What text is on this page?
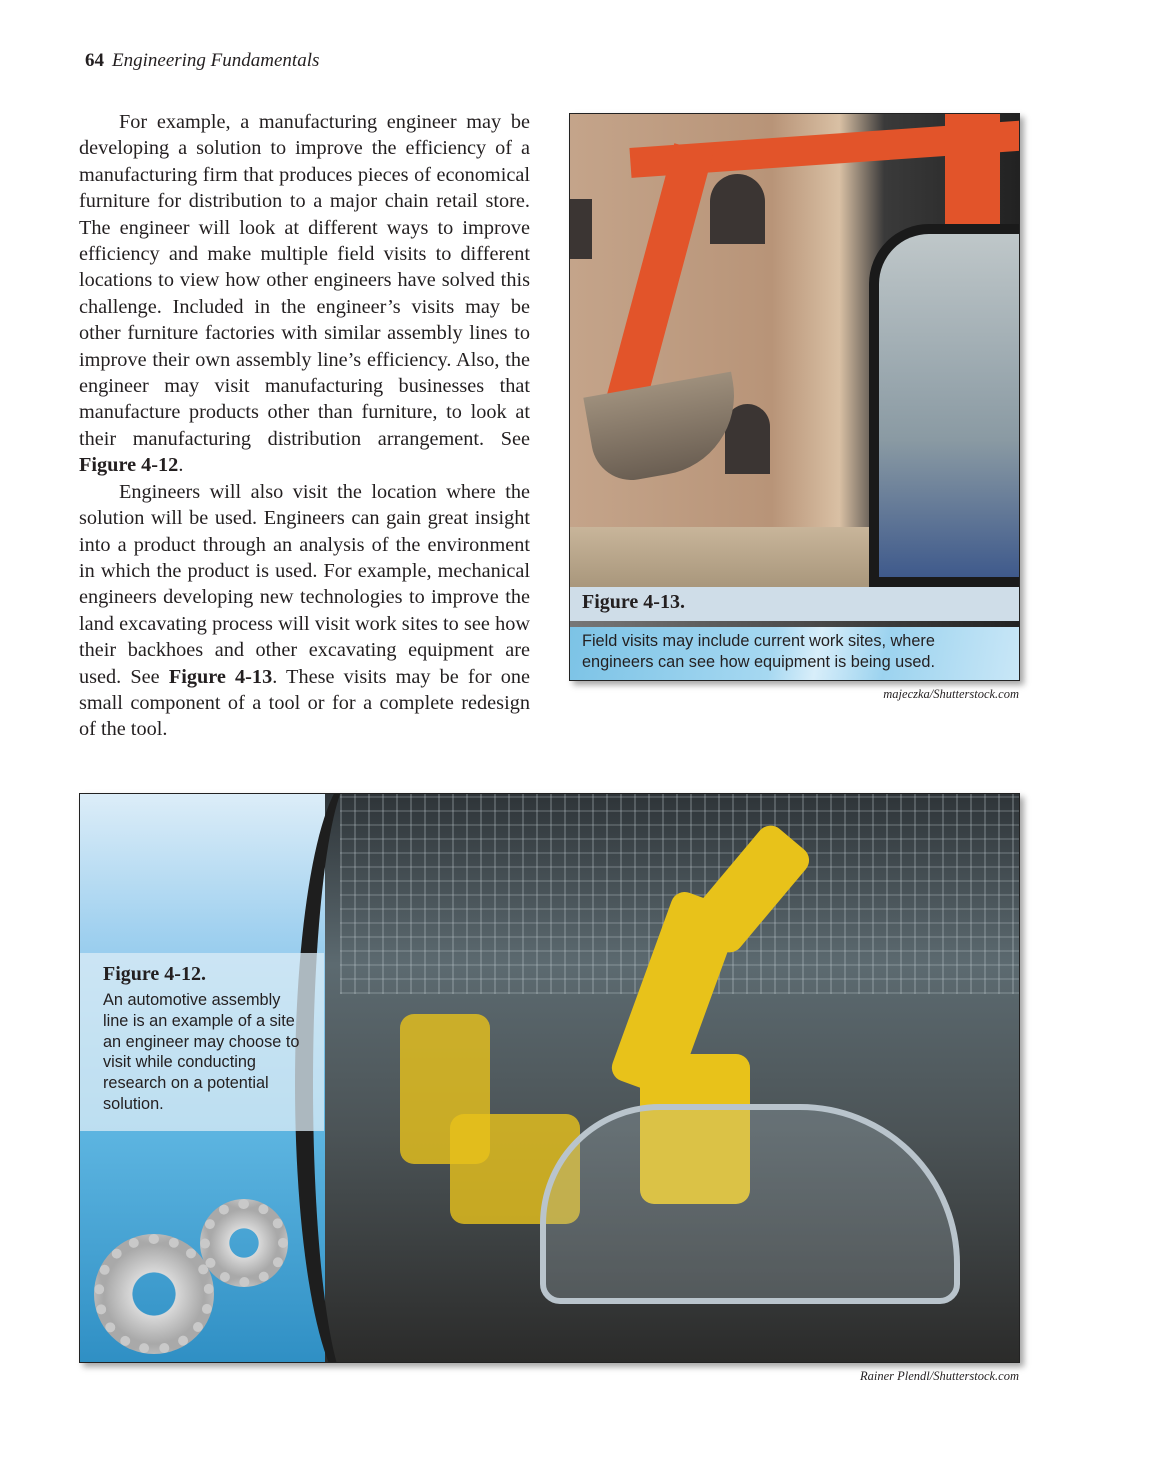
64 Engineering Fundamentals

For example, a manufacturing engineer may be developing a solution to improve the efficiency of a manufacturing firm that produces pieces of economical furniture for distribution to a major chain retail store. The engineer will look at different ways to improve efficiency and make multiple field visits to different locations to view how other engineers have solved this challenge. Included in the engineer’s visits may be other furniture factories with similar assembly lines to improve their own assembly line’s efficiency. Also, the engineer may visit manufacturing businesses that manufacture products other than furniture, to look at their manufacturing distribution arrangement. See Figure 4-12.

Engineers will also visit the location where the solution will be used. Engineers can gain great insight into a product through an analysis of the environment in which the product is used. For example, mechanical engineers developing new technologies to improve the land excavating process will visit work sites to see how their backhoes and other excavating equipment are used. See Figure 4-13. These visits may be for one small component of a tool or for a complete redesign of the tool.

Figure 4-13.
Field visits may include current work sites, where engineers can see how equipment is being used.
majeczka/Shutterstock.com
Figure 4-12.
An automotive assembly line is an example of a site an engineer may choose to visit while conducting research on a potential solution.
Rainer Plendl/Shutterstock.com
